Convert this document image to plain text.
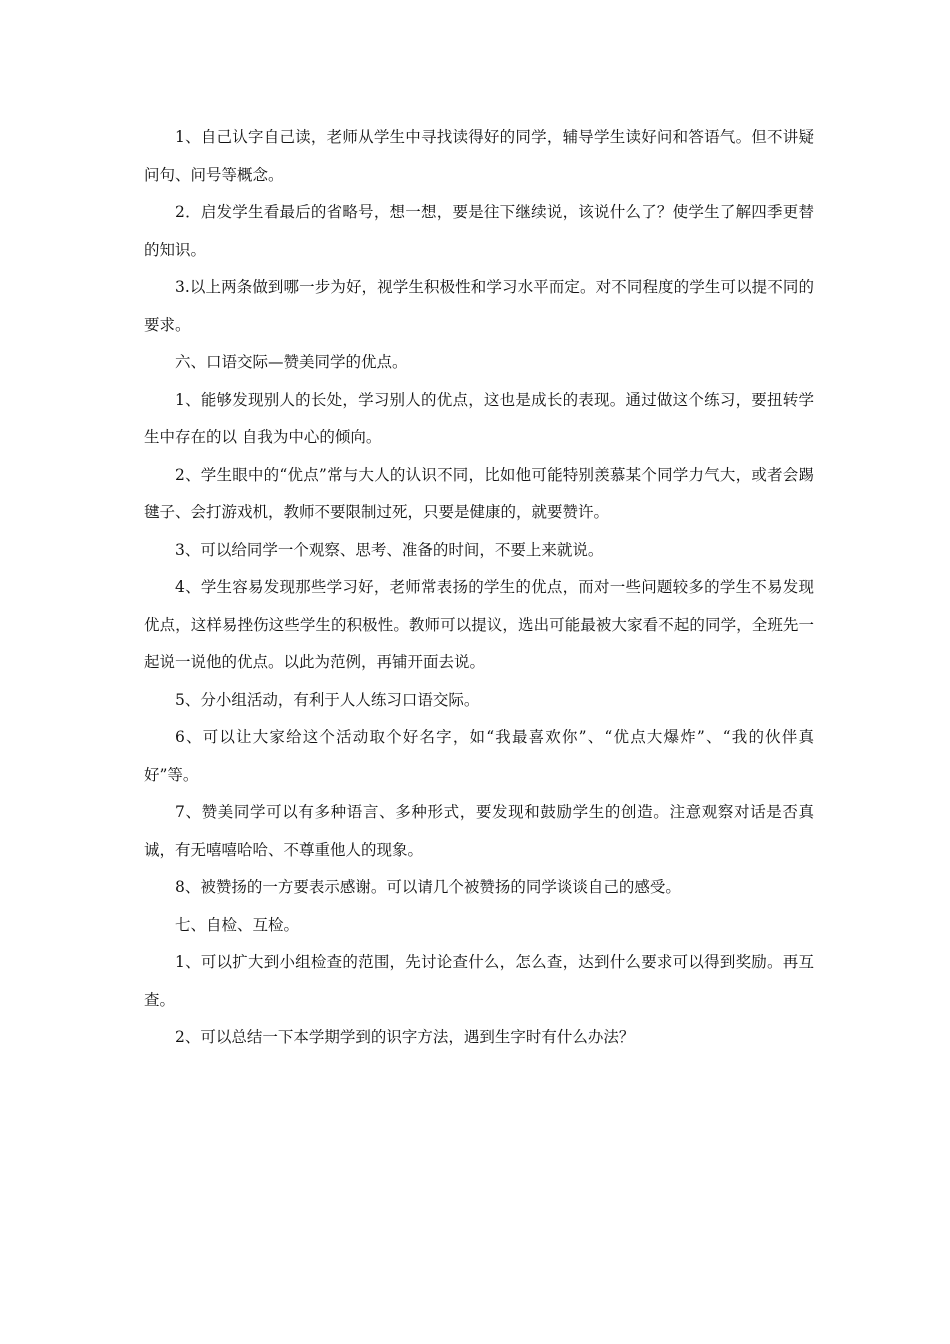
1、自己认字自己读，老师从学生中寻找读得好的同学，辅导学生读好问和答语气。但不讲疑问句、问号等概念。

2．启发学生看最后的省略号，想一想，要是往下继续说，该说什么了？使学生了解四季更替的知识。

3.以上两条做到哪一步为好，视学生积极性和学习水平而定。对不同程度的学生可以提不同的要求。

六、口语交际—赞美同学的优点。

1、能够发现别人的长处，学习别人的优点，这也是成长的表现。通过做这个练习，要扭转学生中存在的以 自我为中心的倾向。

2、学生眼中的“优点”常与大人的认识不同，比如他可能特别羡慕某个同学力气大，或者会踢毽子、会打游戏机，教师不要限制过死，只要是健康的，就要赞许。

3、可以给同学一个观察、思考、准备的时间，不要上来就说。

4、学生容易发现那些学习好，老师常表扬的学生的优点，而对一些问题较多的学生不易发现优点，这样易挫伤这些学生的积极性。教师可以提议，选出可能最被大家看不起的同学，全班先一起说一说他的优点。以此为范例，再铺开面去说。

5、分小组活动，有利于人人练习口语交际。

6、可以让大家给这个活动取个好名字，如“我最喜欢你”、“优点大爆炸”、“我的伙伴真好”等。

7、赞美同学可以有多种语言、多种形式，要发现和鼓励学生的创造。注意观察对话是否真诚，有无嘻嘻哈哈、不尊重他人的现象。

8、被赞扬的一方要表示感谢。可以请几个被赞扬的同学谈谈自己的感受。

七、自检、互检。

1、可以扩大到小组检查的范围，先讨论查什么，怎么查，达到什么要求可以得到奖励。再互查。

2、可以总结一下本学期学到的识字方法，遇到生字时有什么办法？
